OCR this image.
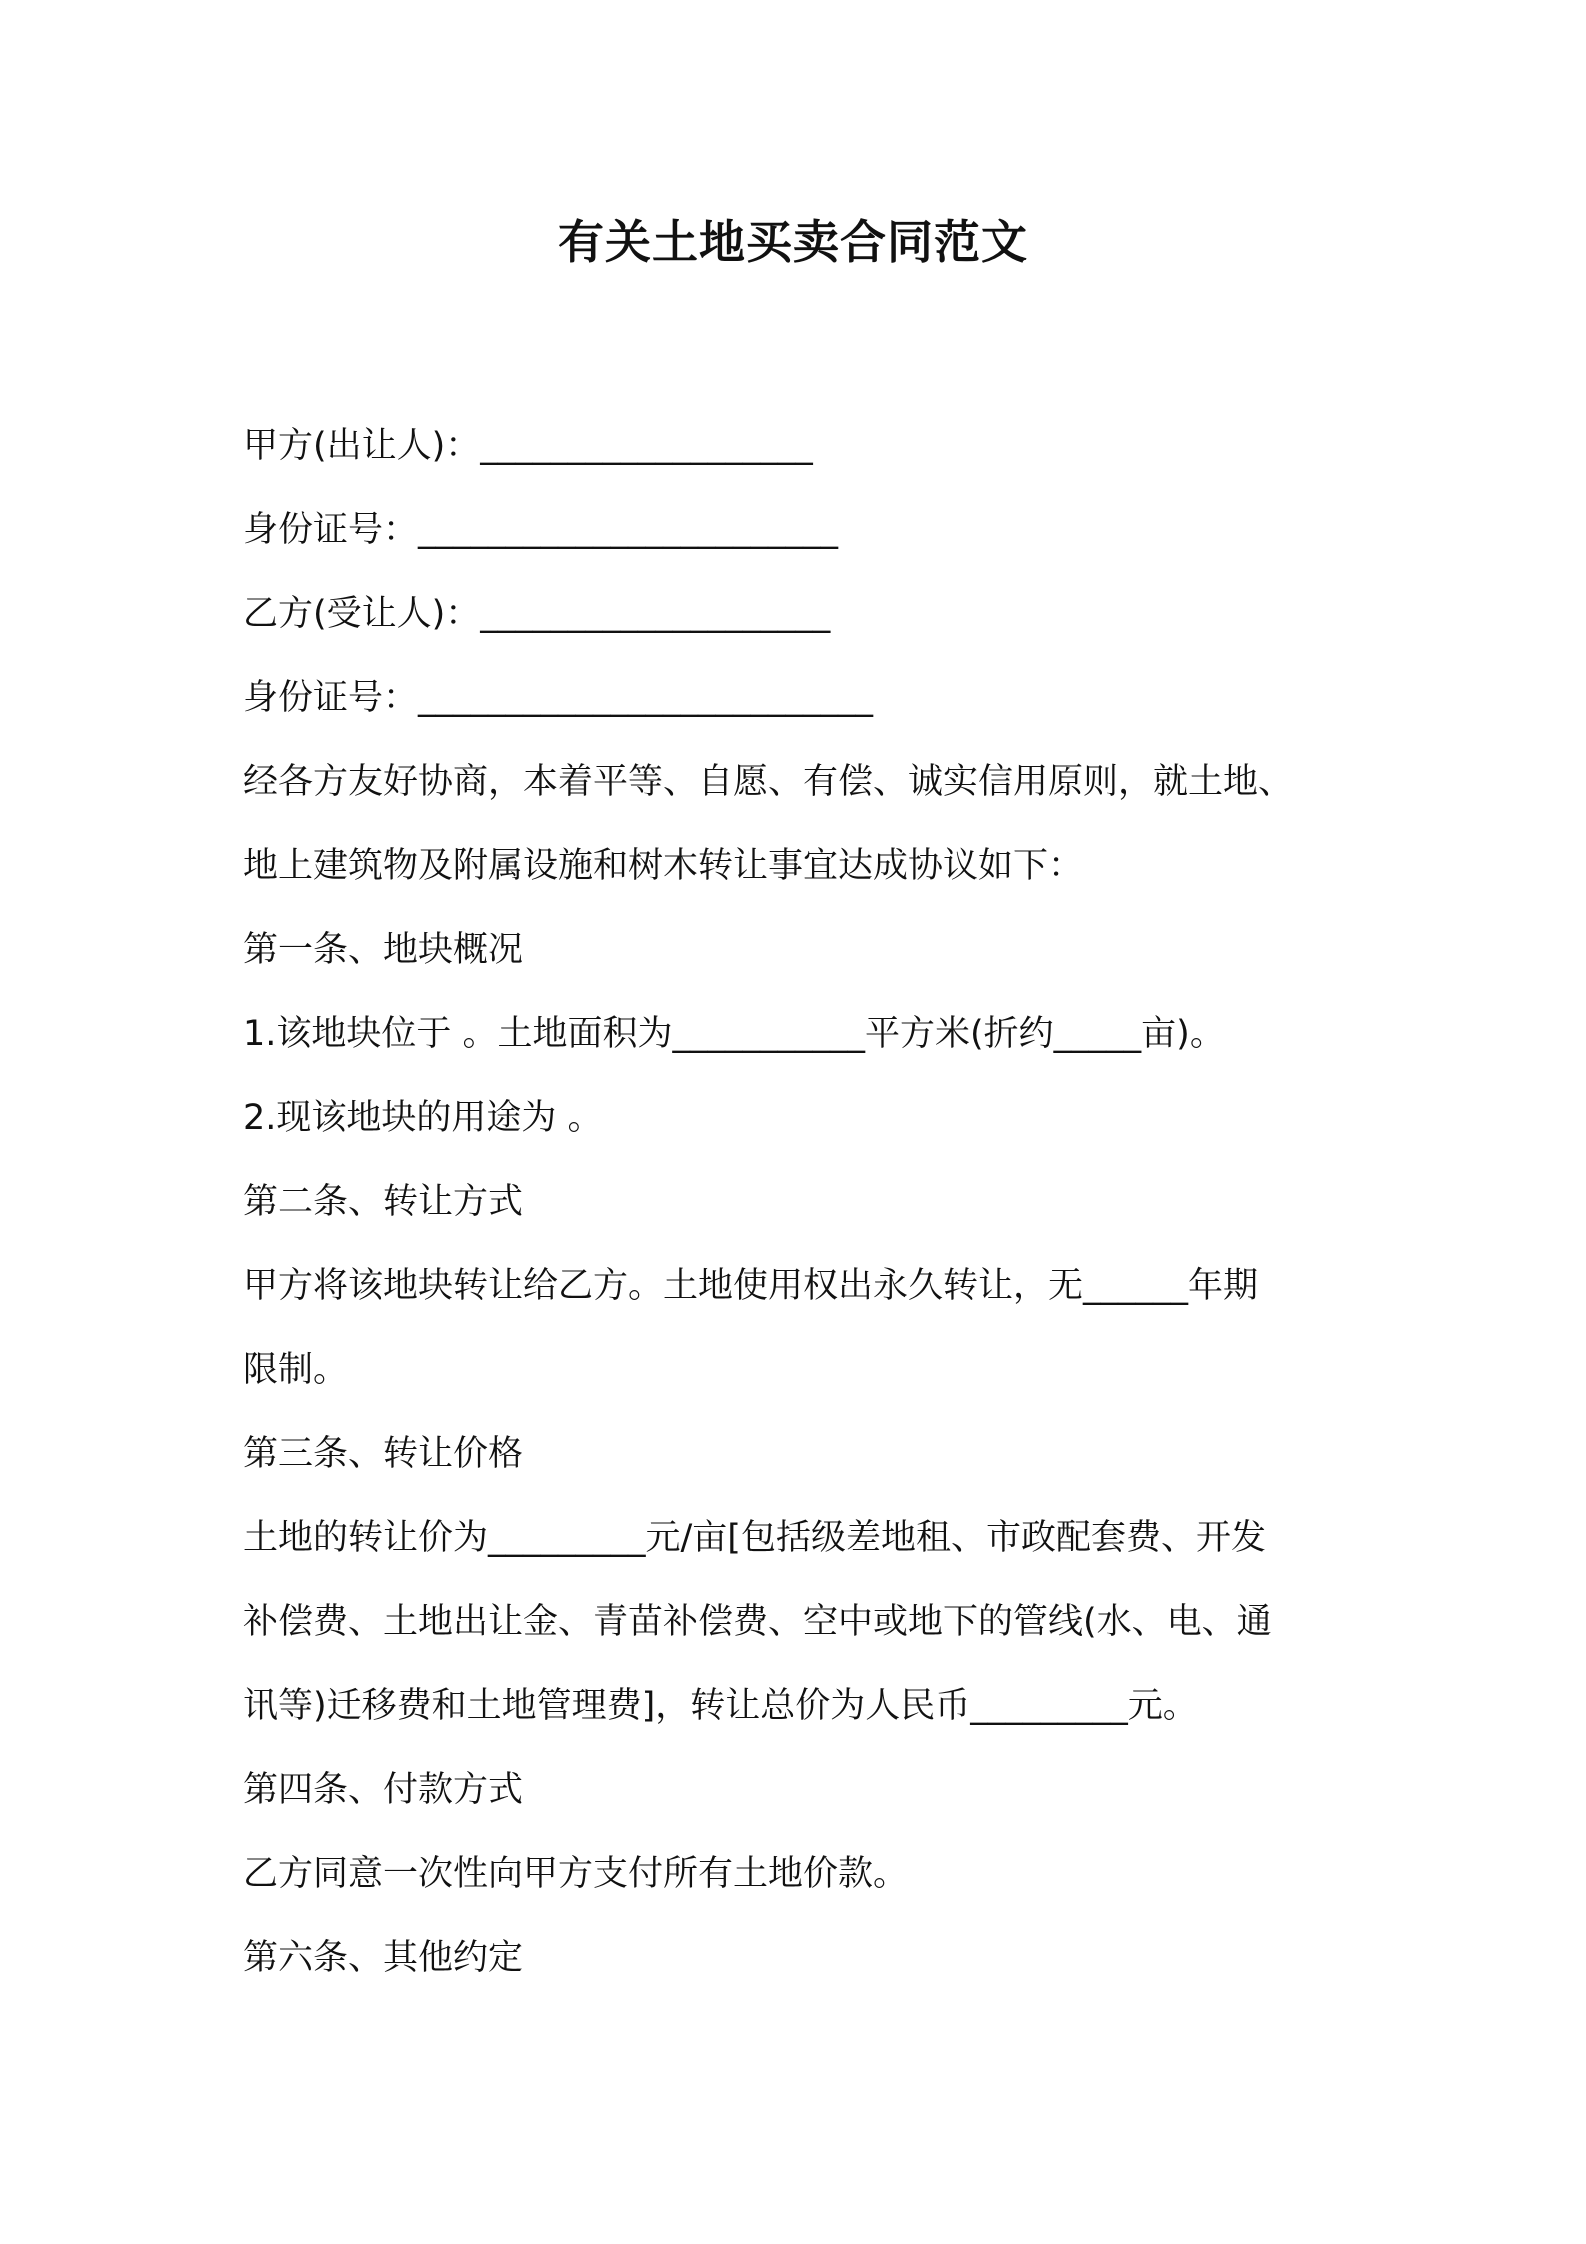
有关土地买卖合同范文
甲方(出让人)：___________________
身份证号：________________________
乙方(受让人)：____________________
身份证号：__________________________
经各方友好协商，本着平等、自愿、有偿、诚实信用原则，就土地、
地上建筑物及附属设施和树木转让事宜达成协议如下：
第一条、地块概况
1.该地块位于 。土地面积为___________平方米(折约_____亩)。
2.现该地块的用途为 。
第二条、转让方式
甲方将该地块转让给乙方。土地使用权出永久转让，无______年期
限制。
第三条、转让价格
土地的转让价为_________元/亩[包括级差地租、市政配套费、开发
补偿费、土地出让金、青苗补偿费、空中或地下的管线(水、电、通
讯等)迁移费和土地管理费]，转让总价为人民币_________元。
第四条、付款方式
乙方同意一次性向甲方支付所有土地价款。
第六条、其他约定
